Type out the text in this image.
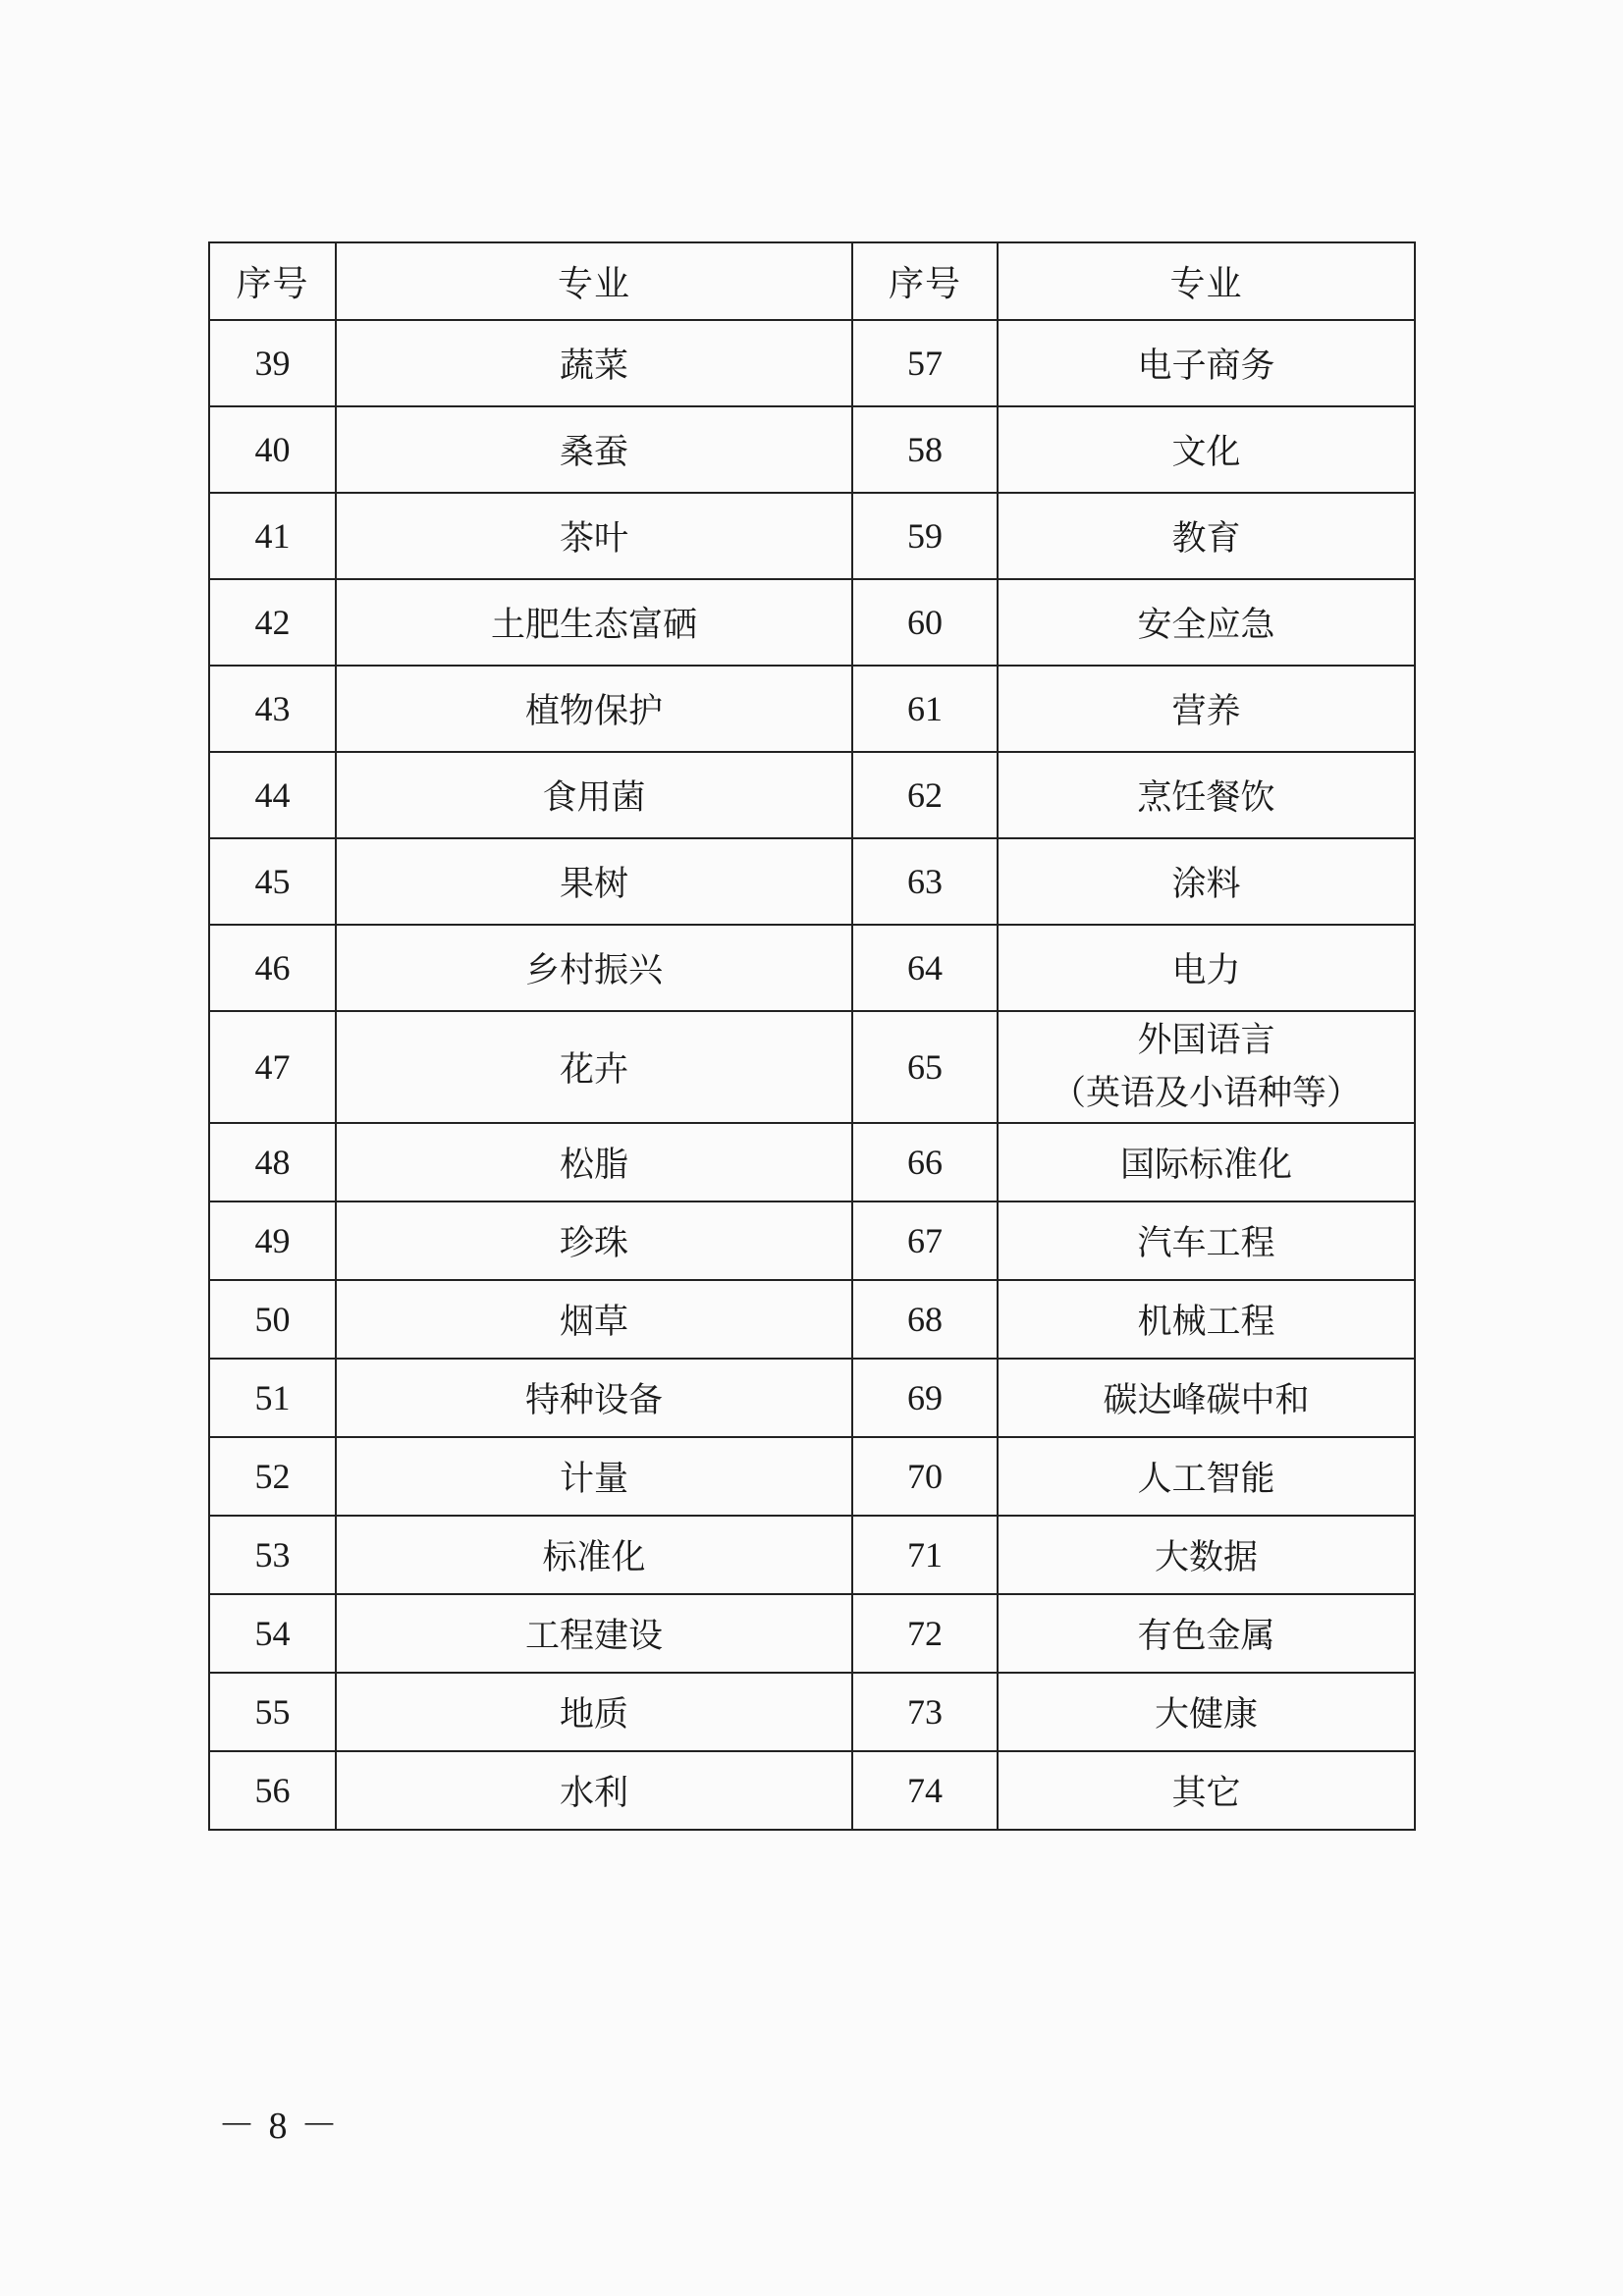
序号	专业	序号	专业
39	蔬菜	57	电子商务
40	桑蚕	58	文化
41	茶叶	59	教育
42	土肥生态富硒	60	安全应急
43	植物保护	61	营养
44	食用菌	62	烹饪餐饮
45	果树	63	涂料
46	乡村振兴	64	电力
47	花卉	65	外国语言
（英语及小语种等）

48	松脂	66	国际标准化
49	珍珠	67	汽车工程
50	烟草	68	机械工程
51	特种设备	69	碳达峰碳中和
52	计量	70	人工智能
53	标准化	71	大数据
54	工程建设	72	有色金属
55	地质	73	大健康
56	水利	74	其它
－ 8 －
